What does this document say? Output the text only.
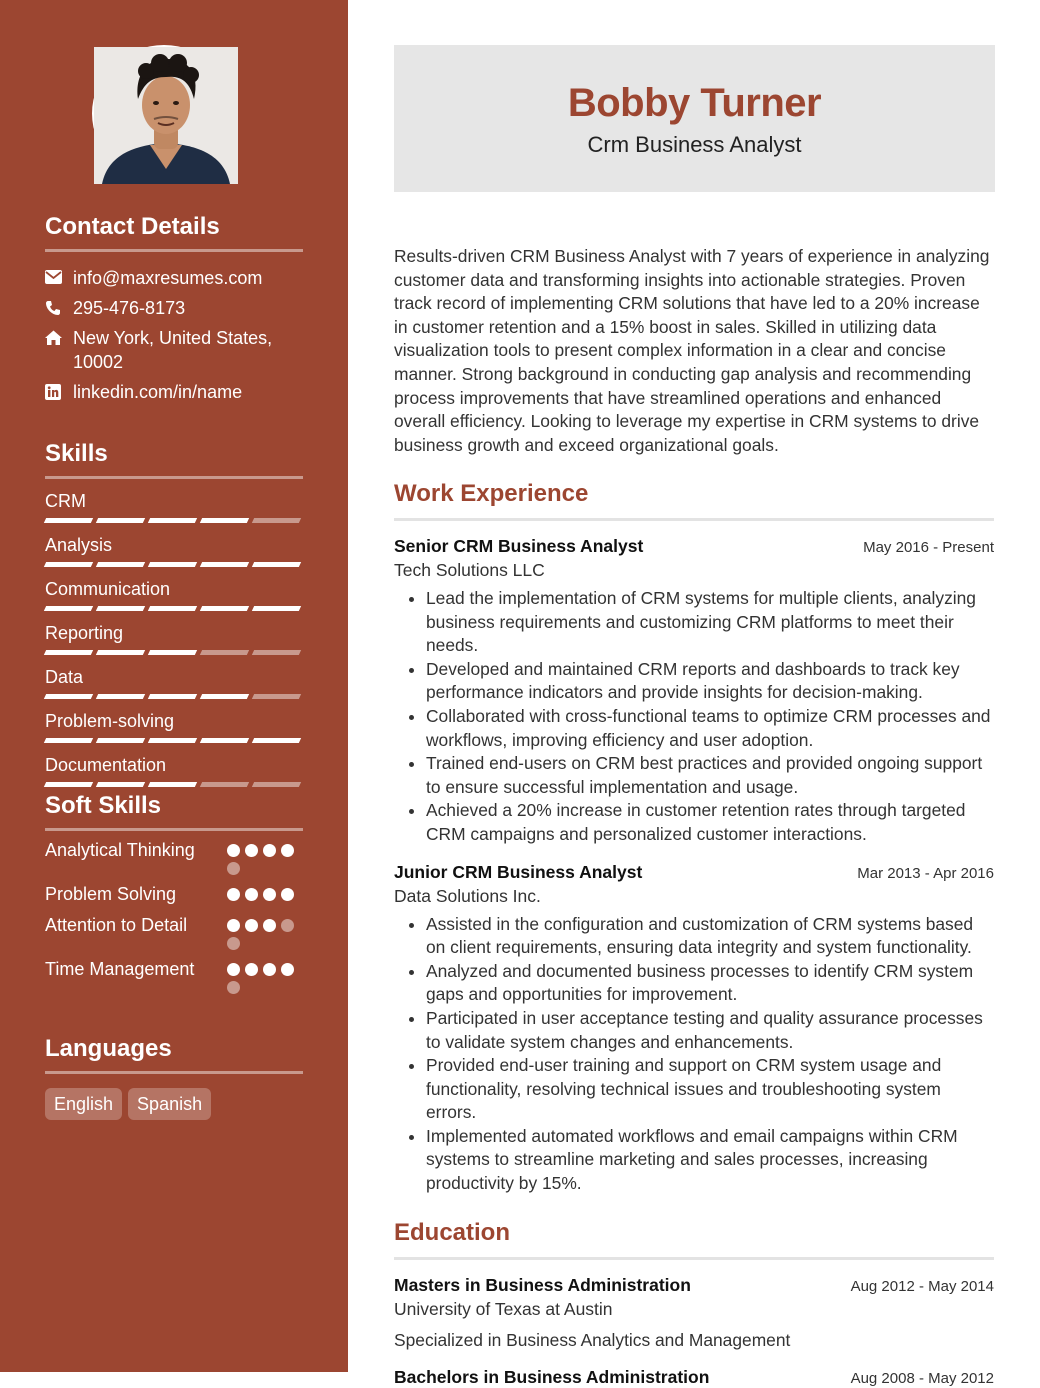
Contact Details
info@maxresumes.com
295-476-8173
New York, United States, 10002
linkedin.com/in/name
Skills
CRM
Analysis
Communication
Reporting
Data
Problem-solving
Documentation
Soft Skills
Analytical Thinking
Problem Solving
Attention to Detail
Time Management
Languages
English	Spanish
Bobby Turner
Crm Business Analyst

Results-driven CRM Business Analyst with 7 years of experience in analyzing customer data and transforming insights into actionable strategies. Proven track record of implementing CRM solutions that have led to a 20% increase in customer retention and a 15% boost in sales. Skilled in utilizing data visualization tools to present complex information in a clear and concise manner. Strong background in conducting gap analysis and recommending process improvements that have streamlined operations and enhanced overall efficiency. Looking to leverage my expertise in CRM systems to drive business growth and exceed organizational goals.

Work Experience
Senior CRM Business Analyst	May 2016 - Present
Tech Solutions LLC
• Lead the implementation of CRM systems for multiple clients, analyzing business requirements and customizing CRM platforms to meet their needs.
• Developed and maintained CRM reports and dashboards to track key performance indicators and provide insights for decision-making.
• Collaborated with cross-functional teams to optimize CRM processes and workflows, improving efficiency and user adoption.
• Trained end-users on CRM best practices and provided ongoing support to ensure successful implementation and usage.
• Achieved a 20% increase in customer retention rates through targeted CRM campaigns and personalized customer interactions.
Junior CRM Business Analyst	Mar 2013 - Apr 2016
Data Solutions Inc.
• Assisted in the configuration and customization of CRM systems based on client requirements, ensuring data integrity and system functionality.
• Analyzed and documented business processes to identify CRM system gaps and opportunities for improvement.
• Participated in user acceptance testing and quality assurance processes to validate system changes and enhancements.
• Provided end-user training and support on CRM system usage and functionality, resolving technical issues and troubleshooting system errors.
• Implemented automated workflows and email campaigns within CRM systems to streamline marketing and sales processes, increasing productivity by 15%.
Education
Masters in Business Administration	Aug 2012 - May 2014
University of Texas at Austin
Specialized in Business Analytics and Management
Bachelors in Business Administration	Aug 2008 - May 2012
